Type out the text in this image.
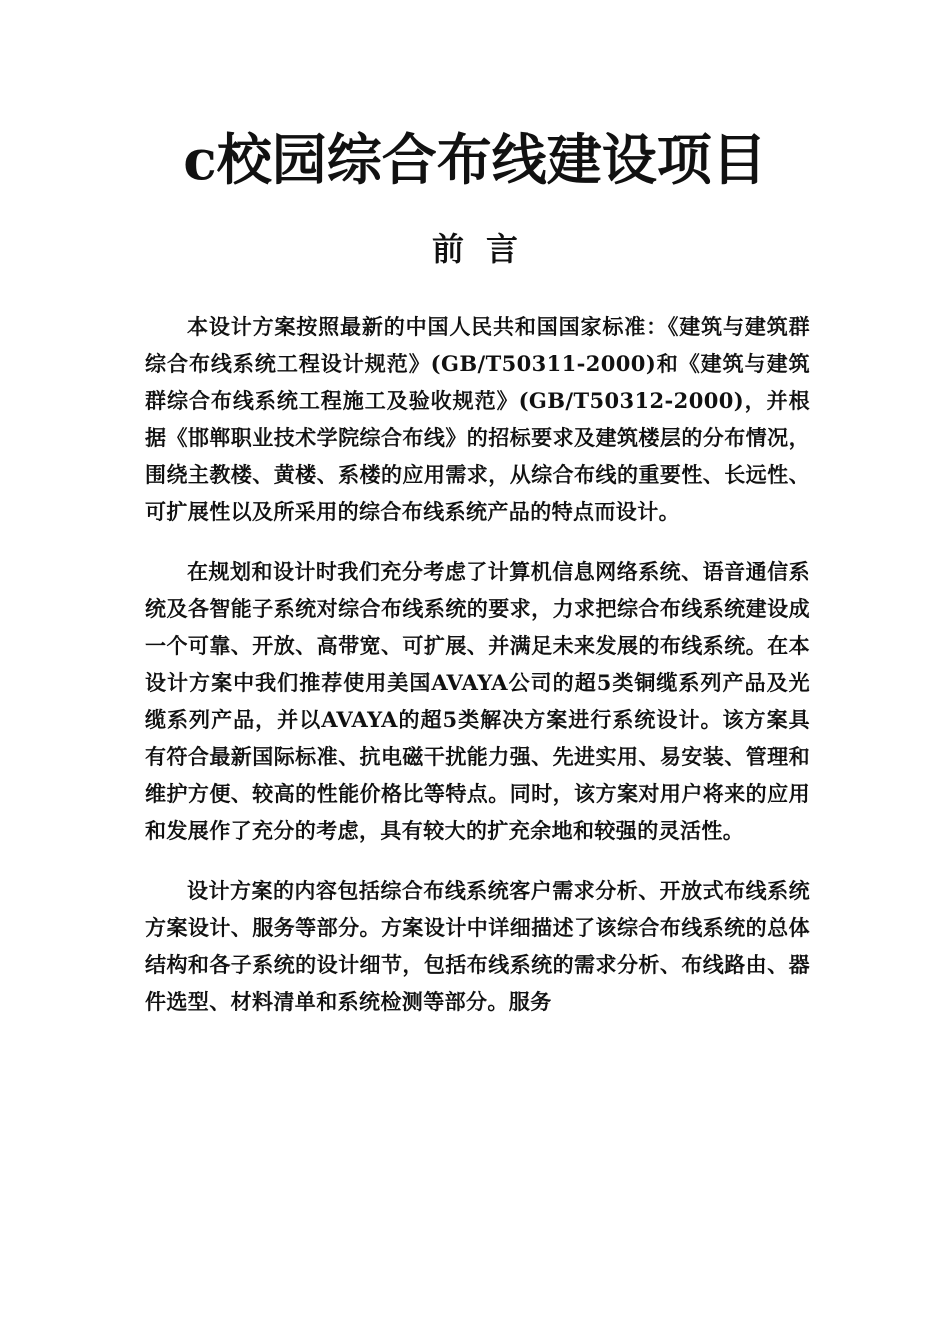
c校园综合布线建设项目
前言

本设计方案按照最新的中国人民共和国国家标准：《建筑与建筑群综合布线系统工程设计规范》(GB/T50311-2000)和《建筑与建筑群综合布线系统工程施工及验收规范》(GB/T50312-2000)，并根据《邯郸职业技术学院综合布线》的招标要求及建筑楼层的分布情况，围绕主教楼、黄楼、系楼的应用需求，从综合布线的重要性、长远性、可扩展性以及所采用的综合布线系统产品的特点而设计。

在规划和设计时我们充分考虑了计算机信息网络系统、语音通信系统及各智能子系统对综合布线系统的要求，力求把综合布线系统建设成一个可靠、开放、高带宽、可扩展、并满足未来发展的布线系统。在本设计方案中我们推荐使用美国AVAYA公司的超5类铜缆系列产品及光缆系列产品，并以AVAYA的超5类解决方案进行系统设计。该方案具有符合最新国际标准、抗电磁干扰能力强、先进实用、易安装、管理和维护方便、较高的性能价格比等特点。同时，该方案对用户将来的应用和发展作了充分的考虑，具有较大的扩充余地和较强的灵活性。

设计方案的内容包括综合布线系统客户需求分析、开放式布线系统方案设计、服务等部分。方案设计中详细描述了该综合布线系统的总体结构和各子系统的设计细节，包括布线系统的需求分析、布线路由、器件选型、材料清单和系统检测等部分。服务
